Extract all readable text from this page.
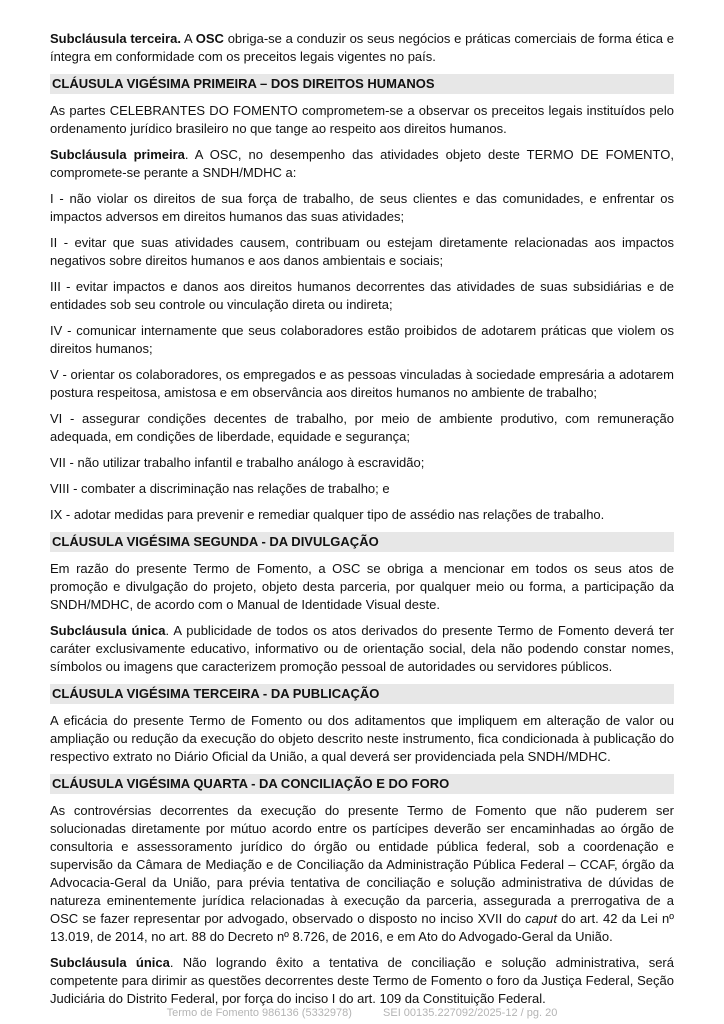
Subcláusula terceira. A OSC obriga-se a conduzir os seus negócios e práticas comerciais de forma ética e íntegra em conformidade com os preceitos legais vigentes no país.

CLÁUSULA VIGÉSIMA PRIMEIRA – DOS DIREITOS HUMANOS

As partes CELEBRANTES DO FOMENTO comprometem-se a observar os preceitos legais instituídos pelo ordenamento jurídico brasileiro no que tange ao respeito aos direitos humanos.

Subcláusula primeira. A OSC, no desempenho das atividades objeto deste TERMO DE FOMENTO, compromete-se perante a SNDH/MDHC a:

I - não violar os direitos de sua força de trabalho, de seus clientes e das comunidades, e enfrentar os impactos adversos em direitos humanos das suas atividades;

II - evitar que suas atividades causem, contribuam ou estejam diretamente relacionadas aos impactos negativos sobre direitos humanos e aos danos ambientais e sociais;

III - evitar impactos e danos aos direitos humanos decorrentes das atividades de suas subsidiárias e de entidades sob seu controle ou vinculação direta ou indireta;

IV - comunicar internamente que seus colaboradores estão proibidos de adotarem práticas que violem os direitos humanos;

V - orientar os colaboradores, os empregados e as pessoas vinculadas à sociedade empresária a adotarem postura respeitosa, amistosa e em observância aos direitos humanos no ambiente de trabalho;

VI - assegurar condições decentes de trabalho, por meio de ambiente produtivo, com remuneração adequada, em condições de liberdade, equidade e segurança;

VII - não utilizar trabalho infantil e trabalho análogo à escravidão;

VIII - combater a discriminação nas relações de trabalho; e

IX - adotar medidas para prevenir e remediar qualquer tipo de assédio nas relações de trabalho.

CLÁUSULA VIGÉSIMA SEGUNDA - DA DIVULGAÇÃO

Em razão do presente Termo de Fomento, a OSC se obriga a mencionar em todos os seus atos de promoção e divulgação do projeto, objeto desta parceria, por qualquer meio ou forma, a participação da SNDH/MDHC, de acordo com o Manual de Identidade Visual deste.

Subcláusula única. A publicidade de todos os atos derivados do presente Termo de Fomento deverá ter caráter exclusivamente educativo, informativo ou de orientação social, dela não podendo constar nomes, símbolos ou imagens que caracterizem promoção pessoal de autoridades ou servidores públicos.

CLÁUSULA VIGÉSIMA TERCEIRA - DA PUBLICAÇÃO

A eficácia do presente Termo de Fomento ou dos aditamentos que impliquem em alteração de valor ou ampliação ou redução da execução do objeto descrito neste instrumento, fica condicionada à publicação do respectivo extrato no Diário Oficial da União, a qual deverá ser providenciada pela SNDH/MDHC.

CLÁUSULA VIGÉSIMA QUARTA - DA CONCILIAÇÃO E DO FORO

As controvérsias decorrentes da execução do presente Termo de Fomento que não puderem ser solucionadas diretamente por mútuo acordo entre os partícipes deverão ser encaminhadas ao órgão de consultoria e assessoramento jurídico do órgão ou entidade pública federal, sob a coordenação e supervisão da Câmara de Mediação e de Conciliação da Administração Pública Federal – CCAF, órgão da Advocacia-Geral da União, para prévia tentativa de conciliação e solução administrativa de dúvidas de natureza eminentemente jurídica relacionadas à execução da parceria, assegurada a prerrogativa de a OSC se fazer representar por advogado, observado o disposto no inciso XVII do caput do art. 42 da Lei nº 13.019, de 2014, no art. 88 do Decreto nº 8.726, de 2016, e em Ato do Advogado-Geral da União.

Subcláusula única. Não logrando êxito a tentativa de conciliação e solução administrativa, será competente para dirimir as questões decorrentes deste Termo de Fomento o foro da Justiça Federal, Seção Judiciária do Distrito Federal, por força do inciso I do art. 109 da Constituição Federal.

Termo de Fomento 986136 (5332978)	SEI 00135.227092/2025-12 / pg. 20
